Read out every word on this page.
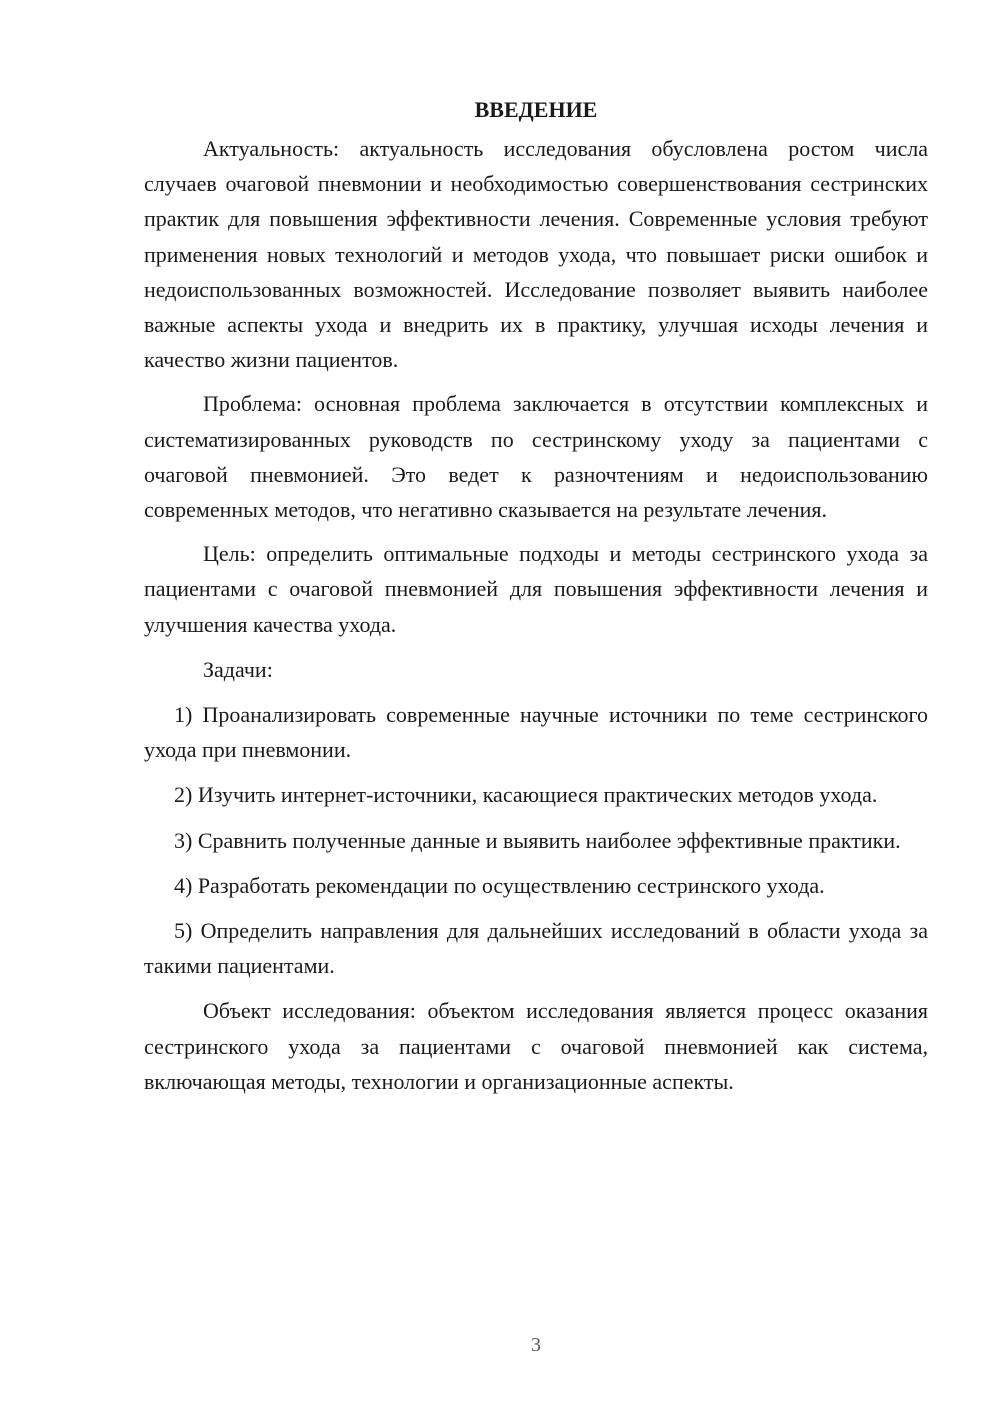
ВВЕДЕНИЕ

Актуальность: актуальность исследования обусловлена ростом числа случаев очаговой пневмонии и необходимостью совершенствования сестринских практик для повышения эффективности лечения. Современные условия требуют применения новых технологий и методов ухода, что повышает риски ошибок и недоиспользованных возможностей. Исследование позволяет выявить наиболее важные аспекты ухода и внедрить их в практику, улучшая исходы лечения и качество жизни пациентов.

Проблема: основная проблема заключается в отсутствии комплексных и систематизированных руководств по сестринскому уходу за пациентами с очаговой пневмонией. Это ведет к разночтениям и недоиспользованию современных методов, что негативно сказывается на результате лечения.

Цель: определить оптимальные подходы и методы сестринского ухода за пациентами с очаговой пневмонией для повышения эффективности лечения и улучшения качества ухода.

Задачи:

1) Проанализировать современные научные источники по теме сестринского ухода при пневмонии.

2) Изучить интернет-источники, касающиеся практических методов ухода.

3) Сравнить полученные данные и выявить наиболее эффективные практики.

4) Разработать рекомендации по осуществлению сестринского ухода.

5) Определить направления для дальнейших исследований в области ухода за такими пациентами.

Объект исследования: объектом исследования является процесс оказания сестринского ухода за пациентами с очаговой пневмонией как система, включающая методы, технологии и организационные аспекты.

3
